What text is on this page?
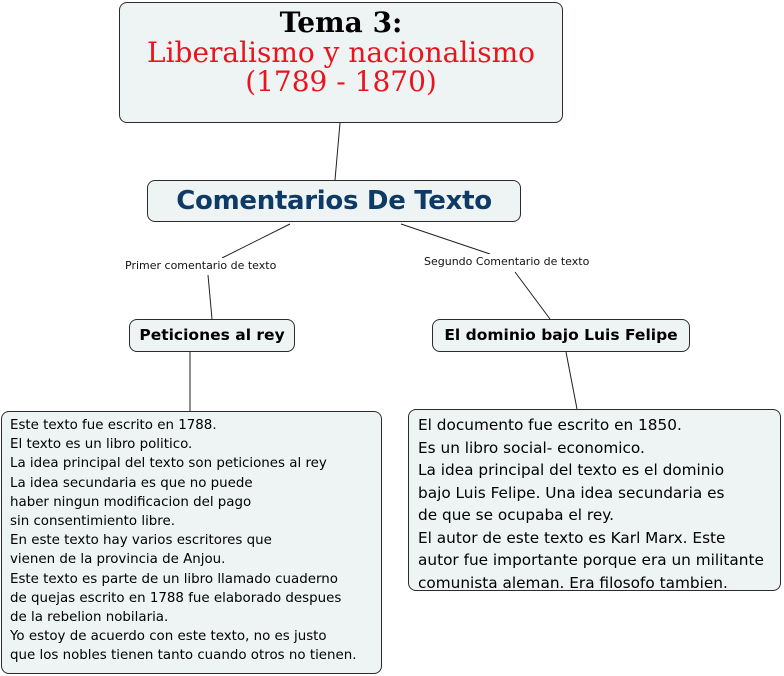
Tema 3:
Liberalismo y nacionalismo
(1789 - 1870)
Comentarios De Texto
Primer comentario de texto	Segundo Comentario de texto
Peticiones al rey	El dominio bajo Luis Felipe
Este texto fue escrito en 1788.
El texto es un libro politico.
La idea principal del texto son peticiones al rey
La idea secundaria es que no puede
haber ningun modificacion del pago
sin consentimiento libre.
En este texto hay varios escritores que
vienen de la provincia de Anjou.
Este texto es parte de un libro llamado cuaderno
de quejas escrito en 1788 fue elaborado despues
de la rebelion nobilaria.
Yo estoy de acuerdo con este texto, no es justo
que los nobles tienen tanto cuando otros no tienen.
El documento fue escrito en 1850.
Es un libro social- economico.
La idea principal del texto es el dominio
bajo Luis Felipe. Una idea secundaria es
de que se ocupaba el rey.
El autor de este texto es Karl Marx. Este
autor fue importante porque era un militante
comunista aleman. Era filosofo tambien.
